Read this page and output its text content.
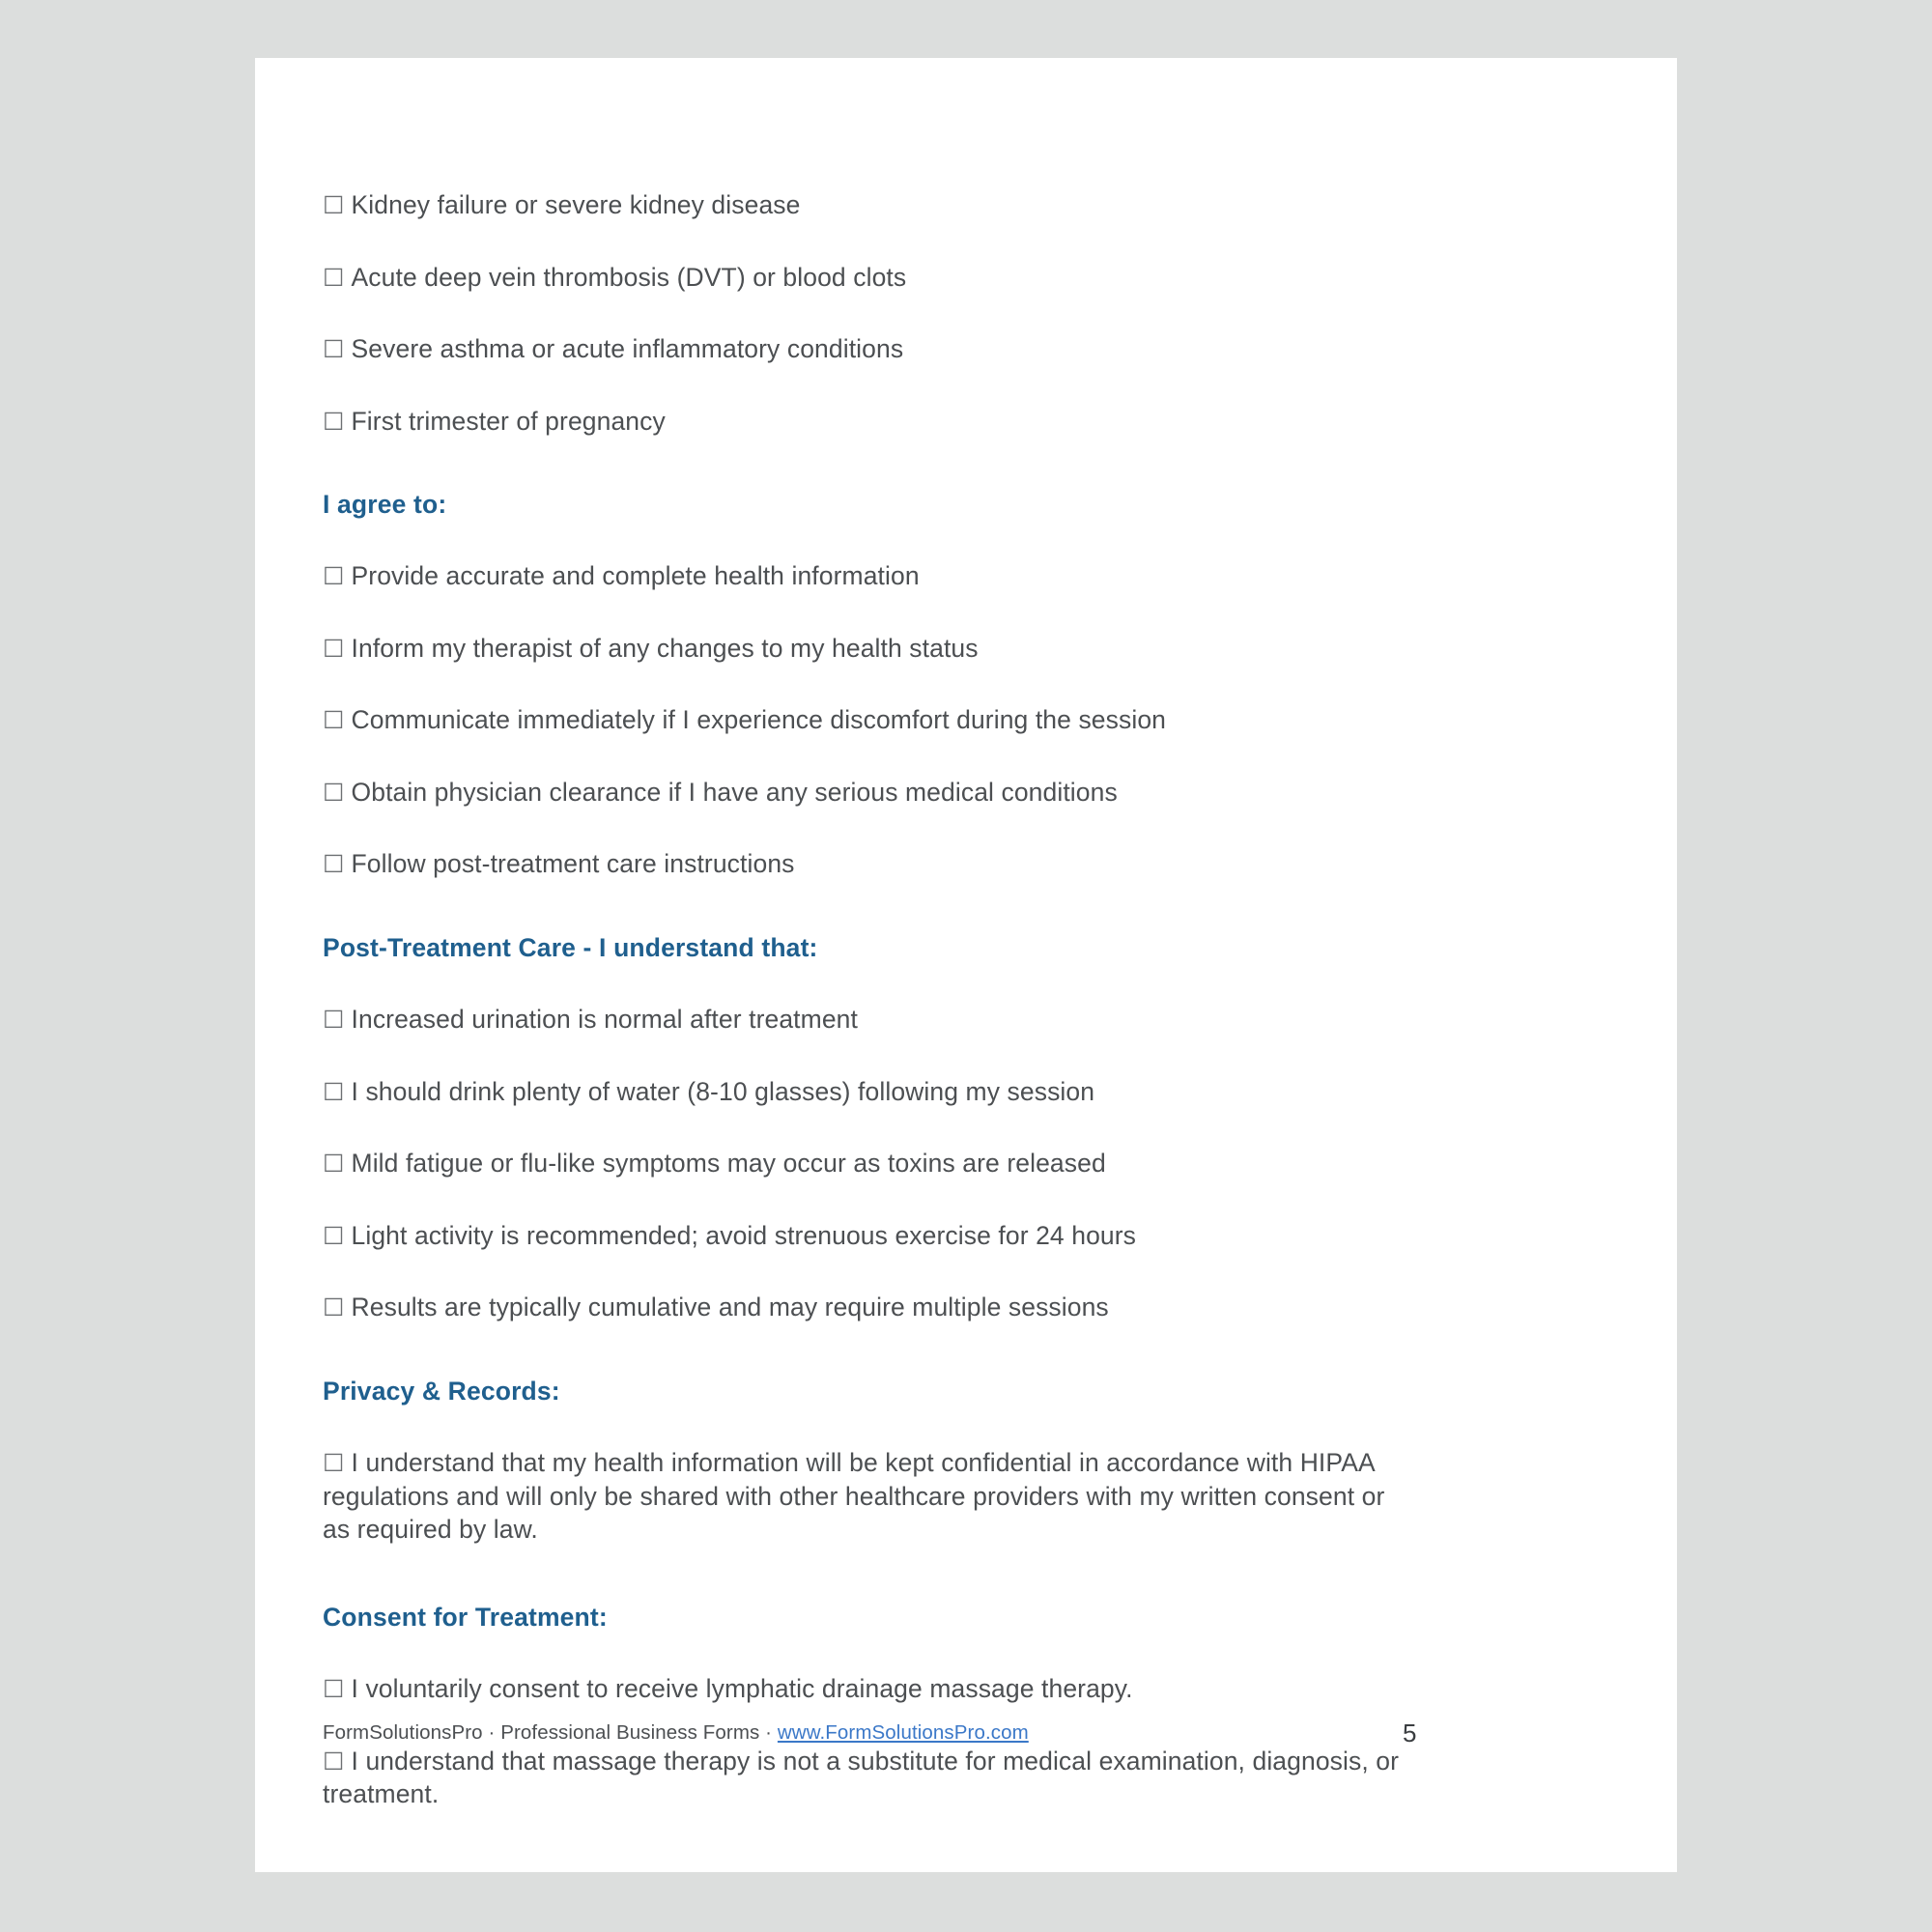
☐ Kidney failure or severe kidney disease
☐ Acute deep vein thrombosis (DVT) or blood clots
☐ Severe asthma or acute inflammatory conditions
☐ First trimester of pregnancy
I agree to:
☐ Provide accurate and complete health information
☐ Inform my therapist of any changes to my health status
☐ Communicate immediately if I experience discomfort during the session
☐ Obtain physician clearance if I have any serious medical conditions
☐ Follow post-treatment care instructions
Post-Treatment Care - I understand that:
☐ Increased urination is normal after treatment
☐ I should drink plenty of water (8-10 glasses) following my session
☐ Mild fatigue or flu-like symptoms may occur as toxins are released
☐ Light activity is recommended; avoid strenuous exercise for 24 hours
☐ Results are typically cumulative and may require multiple sessions
Privacy & Records:
☐ I understand that my health information will be kept confidential in accordance with HIPAA regulations and will only be shared with other healthcare providers with my written consent or as required by law.
Consent for Treatment:
☐ I voluntarily consent to receive lymphatic drainage massage therapy.
☐ I understand that massage therapy is not a substitute for medical examination, diagnosis, or treatment.
FormSolutionsPro · Professional Business Forms · www.FormSolutionsPro.com	5
